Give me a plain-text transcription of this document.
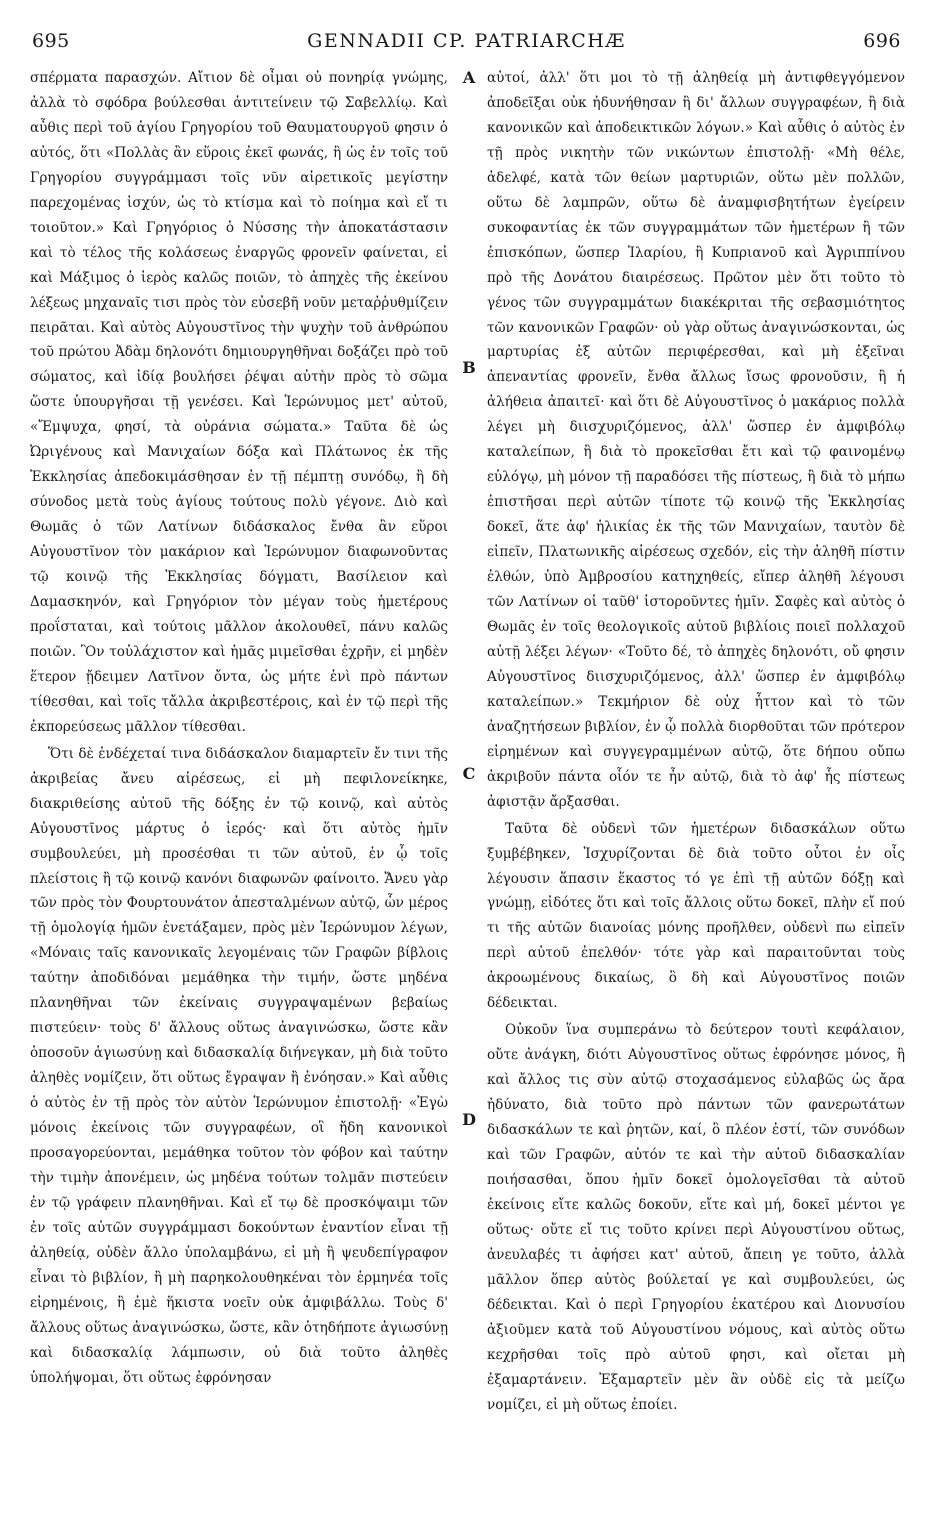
695	GENNADII CP. PATRIARCHÆ	696

σπέρματα παρασχών. Αἴτιον δὲ οἶμαι οὐ πονηρίᾳ γνώμης, ἀλλὰ τὸ σφόδρα βούλεσθαι ἀντιτείνειν τῷ Σαβελλίῳ. Καὶ αὖθις περὶ τοῦ ἁγίου Γρηγορίου τοῦ Θαυματουργοῦ φησιν ὁ αὐτός, ὅτι «Πολλὰς ἂν εὕροις ἐκεῖ φωνάς, ἢ ὡς ἐν τοῖς τοῦ Γρηγορίου συγγράμμασι τοῖς νῦν αἱρετικοῖς μεγίστην παρεχομένας ἰσχύν, ὡς τὸ κτίσμα καὶ τὸ ποίημα καὶ εἴ τι τοιοῦτον.» Καὶ Γρηγόριος ὁ Νύσσης τὴν ἀποκατάστασιν καὶ τὸ τέλος τῆς κολάσεως ἐναργῶς φρονεῖν φαίνεται, εἰ καὶ Μάξιμος ὁ ἱερὸς καλῶς ποιῶν, τὸ ἀπηχὲς τῆς ἐκείνου λέξεως μηχαναῖς τισι πρὸς τὸν εὐσεβῆ νοῦν μεταῤῥυθμίζειν πειρᾶται. Καὶ αὐτὸς Αὐγουστῖνος τὴν ψυχὴν τοῦ ἀνθρώπου τοῦ πρώτου Ἀδὰμ δηλονότι δημιουργηθῆναι δοξάζει πρὸ τοῦ σώματος, καὶ ἰδίᾳ βουλήσει ῥέψαι αὐτὴν πρὸς τὸ σῶμα ὥστε ὑπουργῆσαι τῇ γενέσει. Καὶ Ἱερώνυμος μετ' αὐτοῦ, «Ἔμψυχα, φησί, τὰ οὐράνια σώματα.» Ταῦτα δὲ ὡς Ὠριγένους καὶ Μανιχαίων δόξα καὶ Πλάτωνος ἐκ τῆς Ἐκκλησίας ἀπεδοκιμάσθησαν ἐν τῇ πέμπτῃ συνόδῳ, ἢ δὴ σύνοδος μετὰ τοὺς ἁγίους τούτους πολὺ γέγονε. Διὸ καὶ Θωμᾶς ὁ τῶν Λατίνων διδάσκαλος ἔνθα ἂν εὕροι Αὐγουστῖνον τὸν μακάριον καὶ Ἱερώνυμον διαφωνοῦντας τῷ κοινῷ τῆς Ἐκκλησίας δόγματι, Βασίλειον καὶ Δαμασκηνόν, καὶ Γρηγόριον τὸν μέγαν τοὺς ἡμετέρους προΐσταται, καὶ τούτοις μᾶλλον ἀκολουθεῖ, πάνυ καλῶς ποιῶν. Ὃν τοὐλάχιστον καὶ ἡμᾶς μιμεῖσθαι ἐχρῆν, εἰ μηδὲν ἕτερον ᾔδειμεν Λατῖνον ὄντα, ὡς μήτε ἑνὶ πρὸ πάντων τίθεσθαι, καὶ τοῖς τἄλλα ἀκριβεστέροις, καὶ ἐν τῷ περὶ τῆς ἐκπορεύσεως μᾶλλον τίθεσθαι.

Ὅτι δὲ ἐνδέχεταί τινα διδάσκαλον διαμαρτεῖν ἔν τινι τῆς ἀκριβείας ἄνευ αἱρέσεως, εἰ μὴ πεφιλονείκηκε, διακριθείσης αὐτοῦ τῆς δόξης ἐν τῷ κοινῷ, καὶ αὐτὸς Αὐγουστῖνος μάρτυς ὁ ἱερός· καὶ ὅτι αὐτὸς ἡμῖν συμβουλεύει, μὴ προσέσθαι τι τῶν αὐτοῦ, ἐν ᾧ τοῖς πλείστοις ἢ τῷ κοινῷ κανόνι διαφωνῶν φαίνοιτο. Ἄνευ γὰρ τῶν πρὸς τὸν Φουρτουνάτον ἀπεσταλμένων αὐτῷ, ὧν μέρος τῇ ὁμολογίᾳ ἡμῶν ἐνετάξαμεν, πρὸς μὲν Ἱερώνυμον λέγων, «Μόναις ταῖς κανονικαῖς λεγομέναις τῶν Γραφῶν βίβλοις ταύτην ἀποδιδόναι μεμάθηκα τὴν τιμήν, ὥστε μηδένα πλανηθῆναι τῶν ἐκείναις συγγραψαμένων βεβαίως πιστεύειν· τοὺς δ' ἄλλους οὕτως ἀναγινώσκω, ὥστε κἂν ὁποσοῦν ἁγιωσύνῃ καὶ διδασκαλίᾳ διήνεγκαν, μὴ διὰ τοῦτο ἀληθὲς νομίζειν, ὅτι οὕτως ἔγραψαν ἢ ἐνόησαν.» Καὶ αὖθις ὁ αὐτὸς ἐν τῇ πρὸς τὸν αὐτὸν Ἱερώνυμον ἐπιστολῇ· «Ἐγὼ μόνοις ἐκείνοις τῶν συγγραφέων, οἳ ἤδη κανονικοὶ προσαγορεύονται, μεμάθηκα τοῦτον τὸν φόβον καὶ ταύτην τὴν τιμὴν ἀπονέμειν, ὡς μηδένα τούτων τολμᾶν πιστεύειν ἐν τῷ γράφειν πλανηθῆναι. Καὶ εἴ τῳ δὲ προσκόψαιμι τῶν ἐν τοῖς αὐτῶν συγγράμμασι δοκούντων ἐναντίον εἶναι τῇ ἀληθείᾳ, οὐδὲν ἄλλο ὑπολαμβάνω, εἰ μὴ ἢ ψευδεπίγραφον εἶναι τὸ βιβλίον, ἢ μὴ παρηκολουθηκέναι τὸν ἑρμηνέα τοῖς εἰρημένοις, ἢ ἐμὲ ἥκιστα νοεῖν οὐκ ἀμφιβάλλω. Τοὺς δ' ἄλλους οὕτως ἀναγινώσκω, ὥστε, κἂν ὁτηδήποτε ἁγιωσύνῃ καὶ διδασκαλίᾳ λάμπωσιν, οὐ διὰ τοῦτο ἀληθὲς ὑπολήψομαι, ὅτι οὕτως ἐφρόνησαν

αὐτοί, ἀλλ' ὅτι μοι τὸ τῇ ἀληθείᾳ μὴ ἀντιφθεγγόμενον ἀποδεῖξαι οὐκ ἠδυνήθησαν ἢ δι' ἄλλων συγγραφέων, ἢ διὰ κανονικῶν καὶ ἀποδεικτικῶν λόγων.» Καὶ αὖθις ὁ αὐτὸς ἐν τῇ πρὸς νικητὴν τῶν νικώντων ἐπιστολῇ· «Μὴ θέλε, ἀδελφέ, κατὰ τῶν θείων μαρτυριῶν, οὕτω μὲν πολλῶν, οὕτω δὲ λαμπρῶν, οὕτω δὲ ἀναμφισβητήτων ἐγείρειν συκοφαντίας ἐκ τῶν συγγραμμάτων τῶν ἡμετέρων ἢ τῶν ἐπισκόπων, ὥσπερ Ἱλαρίου, ἢ Κυπριανοῦ καὶ Ἀγριππίνου πρὸ τῆς Δονάτου διαιρέσεως. Πρῶτον μὲν ὅτι τοῦτο τὸ γένος τῶν συγγραμμάτων διακέκριται τῆς σεβασμιότητος τῶν κανονικῶν Γραφῶν· οὐ γὰρ οὕτως ἀναγινώσκονται, ὡς μαρτυρίας ἐξ αὐτῶν περιφέρεσθαι, καὶ μὴ ἐξεῖναι ἀπεναντίας φρονεῖν, ἔνθα ἄλλως ἴσως φρονοῦσιν, ἢ ἡ ἀλήθεια ἀπαιτεῖ· καὶ ὅτι δὲ Αὐγουστῖνος ὁ μακάριος πολλὰ λέγει μὴ διισχυριζόμενος, ἀλλ' ὥσπερ ἐν ἀμφιβόλῳ καταλείπων, ἢ διὰ τὸ προκεῖσθαι ἔτι καὶ τῷ φαινομένῳ εὐλόγῳ, μὴ μόνον τῇ παραδόσει τῆς πίστεως, ἢ διὰ τὸ μήπω ἐπιστῆσαι περὶ αὐτῶν τίποτε τῷ κοινῷ τῆς Ἐκκλησίας δοκεῖ, ἅτε ἀφ' ἡλικίας ἐκ τῆς τῶν Μανιχαίων, ταυτὸν δὲ εἰπεῖν, Πλατωνικῆς αἱρέσεως σχεδόν, εἰς τὴν ἀληθῆ πίστιν ἐλθών, ὑπὸ Ἀμβροσίου κατηχηθείς, εἴπερ ἀληθῆ λέγουσι τῶν Λατίνων οἱ ταῦθ' ἱστοροῦντες ἡμῖν. Σαφὲς καὶ αὐτὸς ὁ Θωμᾶς ἐν τοῖς θεολογικοῖς αὐτοῦ βιβλίοις ποιεῖ πολλαχοῦ αὐτῇ λέξει λέγων· «Τοῦτο δέ, τὸ ἀπηχὲς δηλονότι, οὔ φησιν Αὐγουστῖνος διισχυριζόμενος, ἀλλ' ὥσπερ ἐν ἀμφιβόλῳ καταλείπων.» Τεκμήριον δὲ οὐχ ἧττον καὶ τὸ τῶν ἀναζητήσεων βιβλίον, ἐν ᾧ πολλὰ διορθοῦται τῶν πρότερον εἰρημένων καὶ συγγεγραμμένων αὐτῷ, ὅτε δήπου οὔπω ἀκριβοῦν πάντα οἷόν τε ἦν αὐτῷ, διὰ τὸ ἀφ' ἧς πίστεως ἀφιστᾷν ἄρξασθαι.

Ταῦτα δὲ οὐδενὶ τῶν ἡμετέρων διδασκάλων οὕτω ξυμβέβηκεν, Ἰσχυρίζονται δὲ διὰ τοῦτο οὗτοι ἐν οἷς λέγουσιν ἅπασιν ἕκαστος τό γε ἐπὶ τῇ αὐτῶν δόξῃ καὶ γνώμῃ, εἰδότες ὅτι καὶ τοῖς ἄλλοις οὕτω δοκεῖ, πλὴν εἴ πού τι τῆς αὐτῶν διανοίας μόνης προῆλθεν, οὐδενὶ πω εἰπεῖν περὶ αὐτοῦ ἐπελθόν· τότε γὰρ καὶ παραιτοῦνται τοὺς ἀκροωμένους δικαίως, ὃ δὴ καὶ Αὐγουστῖνος ποιῶν δέδεικται.

Οὐκοῦν ἵνα συμπεράνω τὸ δεύτερον τουτὶ κεφάλαιον, οὔτε ἀνάγκη, διότι Αὐγουστῖνος οὕτως ἐφρόνησε μόνος, ἢ καὶ ἄλλος τις σὺν αὐτῷ στοχασάμενος εὐλαβῶς ὡς ἄρα ἠδύνατο, διὰ τοῦτο πρὸ πάντων τῶν φανερωτάτων διδασκάλων τε καὶ ῥητῶν, καί, ὃ πλέον ἐστί, τῶν συνόδων καὶ τῶν Γραφῶν, αὐτόν τε καὶ τὴν αὐτοῦ διδασκαλίαν ποιήσασθαι, ὅπου ἡμῖν δοκεῖ ὁμολογεῖσθαι τὰ αὐτοῦ ἐκείνοις εἴτε καλῶς δοκοῦν, εἴτε καὶ μή, δοκεῖ μέντοι γε οὕτως· οὔτε εἴ τις τοῦτο κρίνει περὶ Αὐγουστίνου οὕτως, ἀνευλαβές τι ἀφήσει κατ' αὐτοῦ, ἄπειη γε τοῦτο, ἀλλὰ μᾶλλον ὅπερ αὐτὸς βούλεταί γε καὶ συμβουλεύει, ὡς δέδεικται. Καὶ ὁ περὶ Γρηγορίου ἑκατέρου καὶ Διονυσίου ἀξιοῦμεν κατὰ τοῦ Αὐγουστίνου νόμους, καὶ αὐτὸς οὕτω κεχρῆσθαι τοῖς πρὸ αὐτοῦ φησι, καὶ οἴεται μὴ ἐξαμαρτάνειν. Ἐξαμαρτεῖν μὲν ἂν οὐδὲ εἰς τὰ μείζω νομίζει, εἰ μὴ οὕτως ἐποίει.

A
B
C
D
